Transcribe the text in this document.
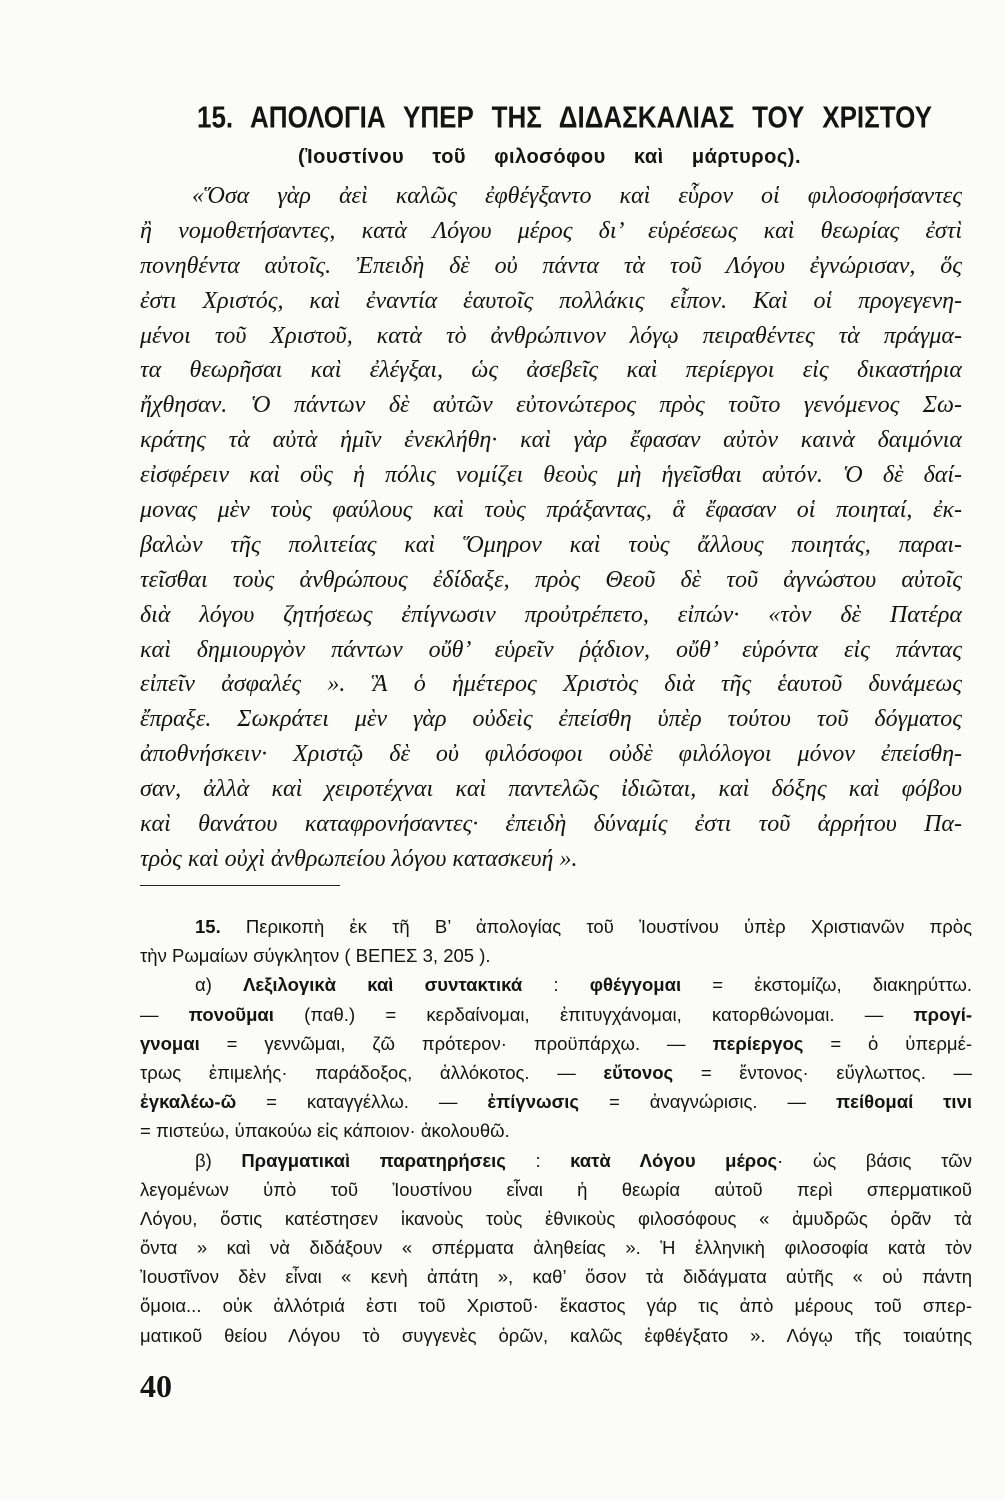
15. ΑΠΟΛΟΓΙΑ ΥΠΕΡ ΤΗΣ ΔΙΔΑΣΚΑΛΙΑΣ ΤΟΥ ΧΡΙΣΤΟΥ
(Ἰουστίνου τοῦ φιλοσόφου καὶ μάρτυρος).
«Ὅσα γὰρ ἀεὶ καλῶς ἐφθέγξαντο καὶ εὗρον οἱ φιλοσοφήσαντες
ἢ νομοθετήσαντες, κατὰ Λόγου μέρος δι’ εὑρέσεως καὶ θεωρίας ἐστὶ
πονηθέντα αὐτοῖς. Ἐπειδὴ δὲ οὐ πάντα τὰ τοῦ Λόγου ἐγνώρισαν, ὅς
ἐστι Χριστός, καὶ ἐναντία ἑαυτοῖς πολλάκις εἶπον. Καὶ οἱ προγεγενη-
μένοι τοῦ Χριστοῦ, κατὰ τὸ ἀνθρώπινον λόγῳ πειραθέντες τὰ πράγμα-
τα θεωρῆσαι καὶ ἐλέγξαι, ὡς ἀσεβεῖς καὶ περίεργοι εἰς δικαστήρια
ἤχθησαν. Ὁ πάντων δὲ αὐτῶν εὐτονώτερος πρὸς τοῦτο γενόμενος Σω-
κράτης τὰ αὐτὰ ἡμῖν ἐνεκλήθη· καὶ γὰρ ἔφασαν αὐτὸν καινὰ δαιμόνια
εἰσφέρειν καὶ οὓς ἡ πόλις νομίζει θεοὺς μὴ ἡγεῖσθαι αὐτόν. Ὁ δὲ δαί-
μονας μὲν τοὺς φαύλους καὶ τοὺς πράξαντας, ἃ ἔφασαν οἱ ποιηταί, ἐκ-
βαλὼν τῆς πολιτείας καὶ Ὅμηρον καὶ τοὺς ἄλλους ποιητάς, παραι-
τεῖσθαι τοὺς ἀνθρώπους ἐδίδαξε, πρὸς Θεοῦ δὲ τοῦ ἀγνώστου αὐτοῖς
διὰ λόγου ζητήσεως ἐπίγνωσιν προὐτρέπετο, εἰπών· «τὸν δὲ Πατέρα
καὶ δημιουργὸν πάντων οὔθ’ εὑρεῖν ῥᾴδιον, οὔθ’ εὑρόντα εἰς πάντας
εἰπεῖν ἀσφαλές ». Ἃ ὁ ἡμέτερος Χριστὸς διὰ τῆς ἑαυτοῦ δυνάμεως
ἔπραξε. Σωκράτει μὲν γὰρ οὐδεὶς ἐπείσθη ὑπὲρ τούτου τοῦ δόγματος
ἀποθνήσκειν· Χριστῷ δὲ οὐ φιλόσοφοι οὐδὲ φιλόλογοι μόνον ἐπείσθη-
σαν, ἀλλὰ καὶ χειροτέχναι καὶ παντελῶς ἰδιῶται, καὶ δόξης καὶ φόβου
καὶ θανάτου καταφρονήσαντες· ἐπειδὴ δύναμίς ἐστι τοῦ ἀρρήτου Πα-
τρὸς καὶ οὐχὶ ἀνθρωπείου λόγου κατασκευή ».
15. Περικοπὴ ἐκ τῆ Β’ ἀπολογίας τοῦ Ἰουστίνου ὑπὲρ Χριστιανῶν πρὸς
τὴν Ρωμαίων σύγκλητον ( ΒΕΠΕΣ 3, 205 ).
α) Λεξιλογικὰ καὶ συντακτικά : φθέγγομαι = ἐκστομίζω, διακηρύττω.
— πονοῦμαι (παθ.) = κερδαίνομαι, ἐπιτυγχάνομαι, κατορθώνομαι. — προγί-
γνομαι = γεννῶμαι, ζῶ πρότερον· προϋπάρχω. — περίεργος = ὁ ὑπερμέ-
τρως ἐπιμελής· παράδοξος, ἀλλόκοτος. — εὔτονος = ἔντονος· εὔγλωττος. —
ἐγκαλέω-ῶ = καταγγέλλω. — ἐπίγνωσις = ἀναγνώρισις. — πείθομαί τινι
= πιστεύω, ὑπακούω εἰς κάποιον· ἀκολουθῶ.
β) Πραγματικαὶ παρατηρήσεις : κατὰ Λόγου μέρος· ὡς βάσις τῶν
λεγομένων ὑπὸ τοῦ Ἰουστίνου εἶναι ἡ θεωρία αὐτοῦ περὶ σπερματικοῦ
Λόγου, ὅστις κατέστησεν ἱκανοὺς τοὺς ἐθνικοὺς φιλοσόφους « ἀμυδρῶς ὁρᾶν τὰ
ὄντα » καὶ νὰ διδάξουν « σπέρματα ἀληθείας ». Ἡ ἑλληνικὴ φιλοσοφία κατὰ τὸν
Ἰουστῖνον δὲν εἶναι « κενὴ ἀπάτη », καθ’ ὅσον τὰ διδάγματα αὐτῆς « οὐ πάντη
ὅμοια... οὐκ ἀλλότριά ἐστι τοῦ Χριστοῦ· ἕκαστος γάρ τις ἀπὸ μέρους τοῦ σπερ-
ματικοῦ θείου Λόγου τὸ συγγενὲς ὁρῶν, καλῶς ἐφθέγξατο ». Λόγῳ τῆς τοιαύτης
40
